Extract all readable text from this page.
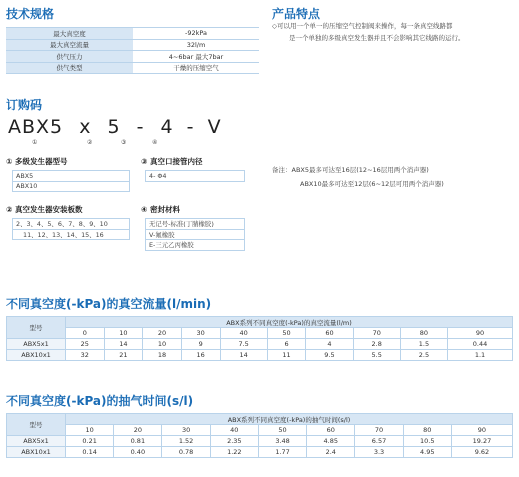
技术规格
最大真空度	-92kPa
最大真空流量	32l/m
供气压力	4~6bar 最大7bar
供气类型	干燥的压缩空气
产品特点
◇可以用一个单一的压缩空气控制阀来操作，每一条真空线路都
是一个单独的多级真空发生器并且不会影响其它线路的运行。
订购码
ABX5 x 5 - 4 - V
①	②	③	④
① 多级发生器型号
ABX5
ABX10
③ 真空口接管内径
4- Φ4
② 真空发生器安装板数
2、3、4、5、6、7、8、9、10
11、12、13、14、15、16
④ 密封材料
无记号-标准(丁腈橡胶)
V-氟橡胶
E-三元乙丙橡胶
备注：ABX5最多可达至16层(12~16层用两个消声器)
ABX10最多可达至12层(6~12层可用两个消声器)
不同真空度(-kPa)的真空流量(l/min)
型号	ABX系列不同真空度(-kPa)的真空流量(l/m)									
	0	10	20	30	40	50	60	70	80	90
ABX5x1	25	14	10	9	7.5	6	4	2.8	1.5	0.44
ABX10x1	32	21	18	16	14	11	9.5	5.5	2.5	1.1
不同真空度(-kPa)的抽气时间(s/l)
型号	ABX系列不同真空度(-kPa)的抽气时间(s/l)								
	10	20	30	40	50	60	70	80	90
ABX5x1	0.21	0.81	1.52	2.35	3.48	4.85	6.57	10.5	19.27
ABX10x1	0.14	0.40	0.78	1.22	1.77	2.4	3.3	4.95	9.62
